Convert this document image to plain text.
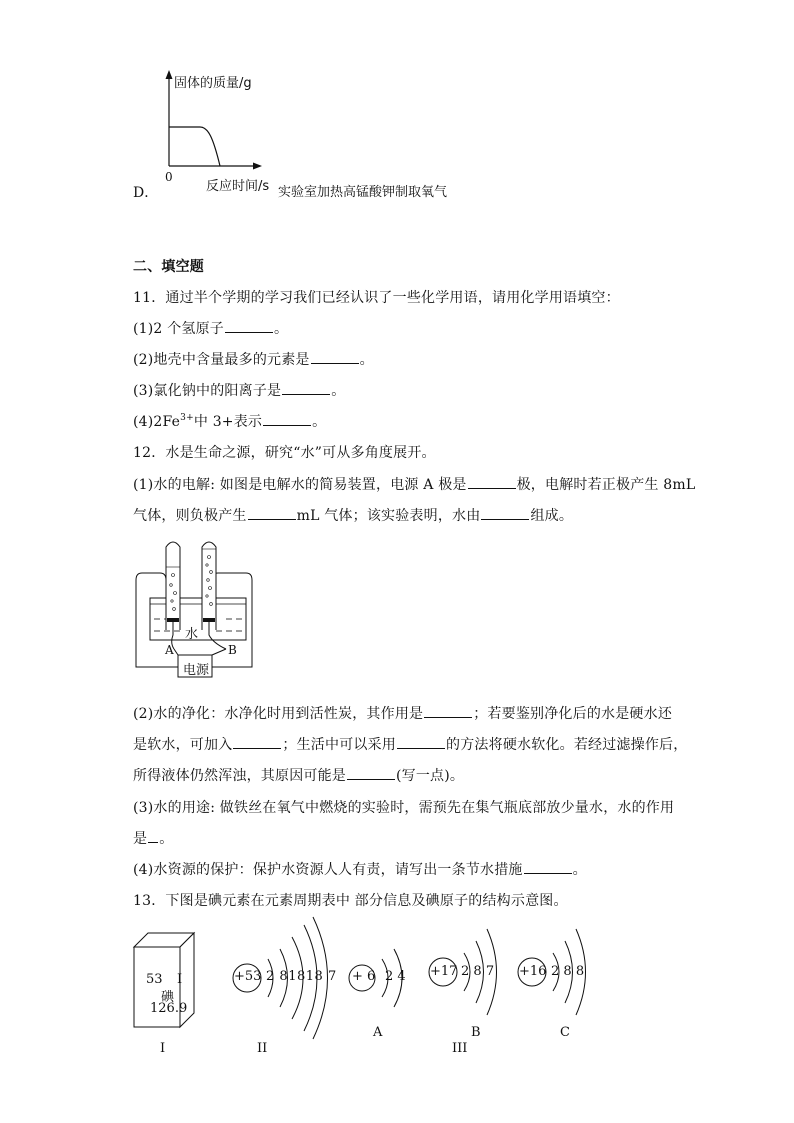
固体的质量/g
0
D．	反应时间/s 实验室加热高锰酸钾制取氧气
二、填空题
11．通过半个学期的学习我们已经认识了一些化学用语，请用化学用语填空：
(1)2 个氢原子	。
(2)地壳中含量最多的元素是	。
(3)氯化钠中的阳离子是	。
$(4)2Fe^{3+}$中 3+表示	。
12．水是生命之源，研究“水”可从多角度展开。
(1)水的电解: 如图是电解水的简易装置，电源 A 极是	极，电解时若正极产生 8mL
气体，则负极产生	mL 气体；该实验表明，水由	组成。
水
A	B
电源
(2)水的净化：水净化时用到活性炭，其作用是	；若要鉴别净化后的水是硬水还
是软水，可加入	；生活中可以采用	的方法将硬水软化。若经过滤操作后，
所得液体仍然浑浊，其原因可能是	(写一点)。
(3)水的用途: 做铁丝在氧气中燃烧的实验时，需预先在集气瓶底部放少量水，水的作用
是 。
(4)水资源的保护：保护水资源人人有责，请写出一条节水措施	。
13．下图是碘元素在元素周期表中 部分信息及碘原子的结构示意图。
53 I
碘
126.9
+53 2 81818 7 + 6 2 4 +17 2 8 7 +16 2 8 8
I	II
A	B	C
III
